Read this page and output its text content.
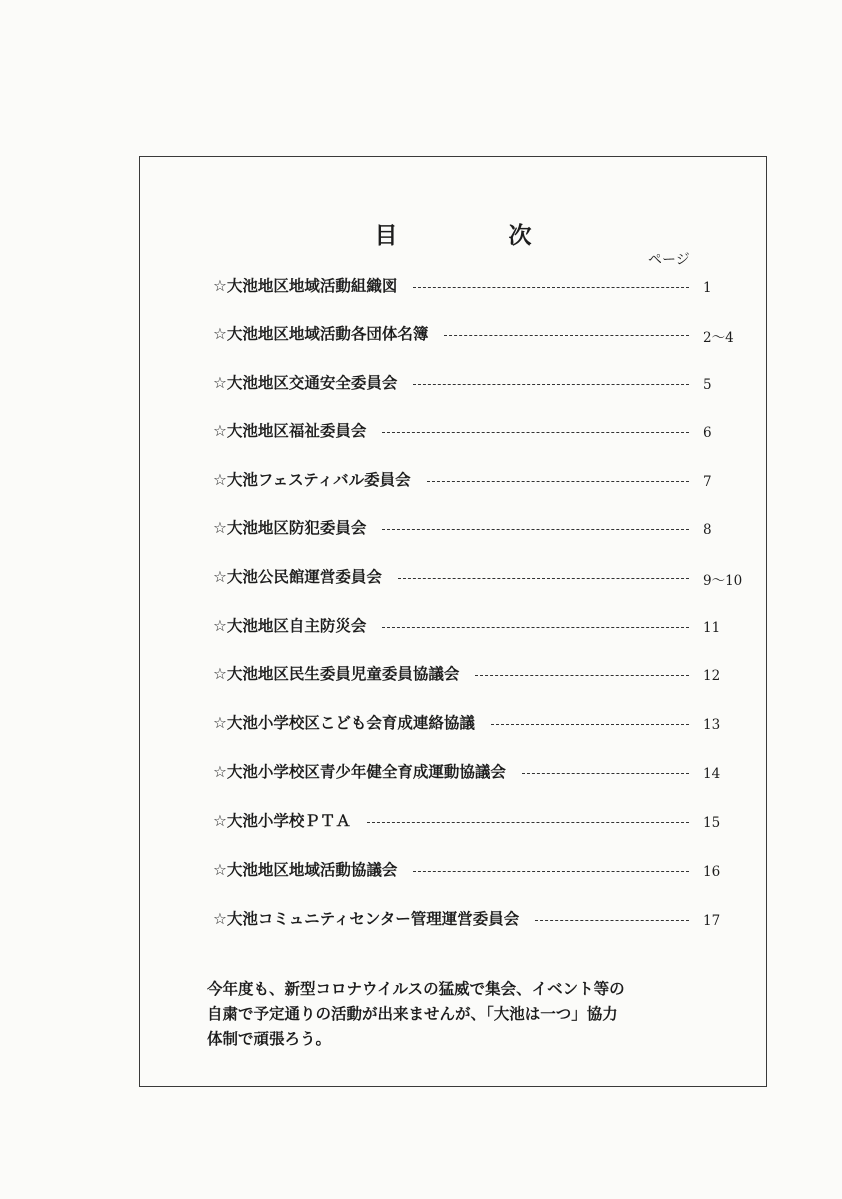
目　次
ページ
☆大池地区地域活動組織図	1
☆大池地区地域活動各団体名簿	2～4
☆大池地区交通安全委員会	5
☆大池地区福祉委員会	6
☆大池フェスティバル委員会	7
☆大池地区防犯委員会	8
☆大池公民館運営委員会	9～10
☆大池地区自主防災会	11
☆大池地区民生委員児童委員協議会	12
☆大池小学校区こども会育成連絡協議	13
☆大池小学校区青少年健全育成運動協議会	14
☆大池小学校ＰＴＡ	15
☆大池地区地域活動協議会	16
☆大池コミュニティセンター管理運営委員会	17

今年度も、新型コロナウイルスの猛威で集会、イベント等の

自粛で予定通りの活動が出来ませんが、「大池は一つ」協力

体制で頑張ろう。
